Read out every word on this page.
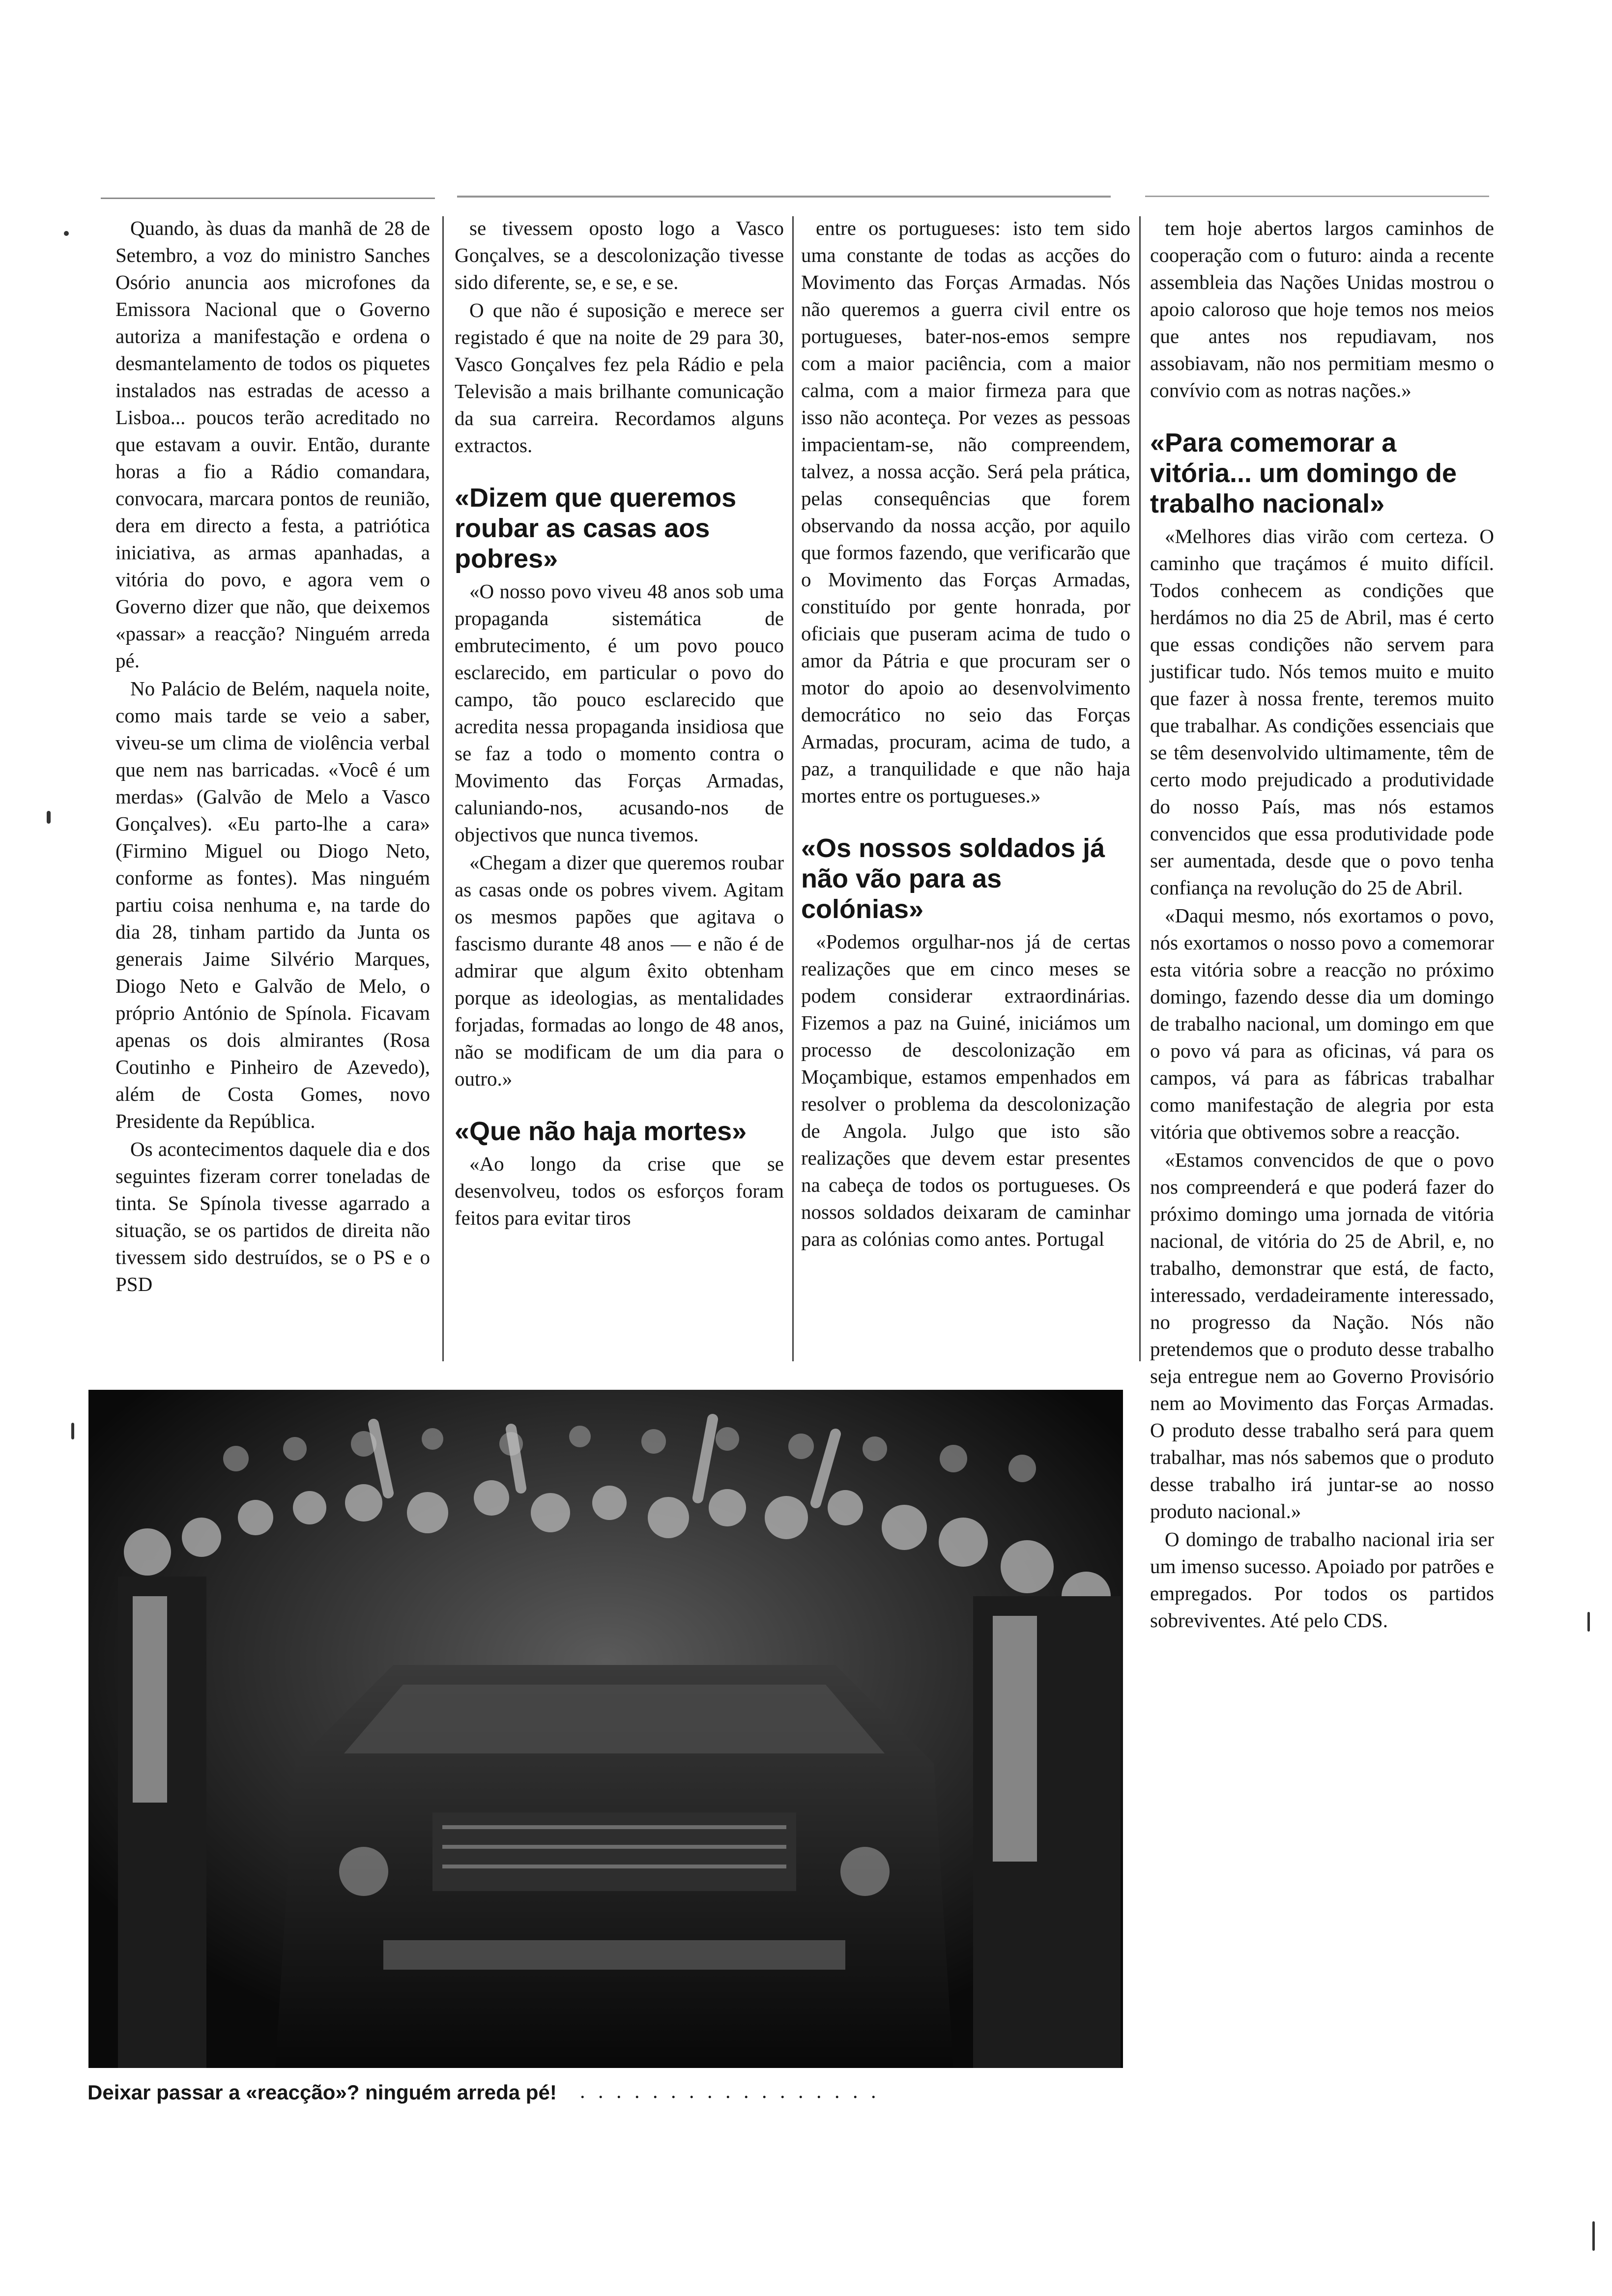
Quando, às duas da manhã de 28 de Setembro, a voz do ministro Sanches Osório anuncia aos microfones da Emissora Nacional que o Governo autoriza a manifestação e ordena o desmantelamento de todos os piquetes instalados nas estradas de acesso a Lisboa... poucos terão acreditado no que estavam a ouvir. Então, durante horas a fio a Rádio comandara, convocara, marcara pontos de reunião, dera em directo a festa, a patriótica iniciativa, as armas apanhadas, a vitória do povo, e agora vem o Governo dizer que não, que deixemos «passar» a reacção? Ninguém arreda pé.

No Palácio de Belém, naquela noite, como mais tarde se veio a saber, viveu-se um clima de violência verbal que nem nas barricadas. «Você é um merdas» (Galvão de Melo a Vasco Gonçalves). «Eu parto-lhe a cara» (Firmino Miguel ou Diogo Neto, conforme as fontes). Mas ninguém partiu coisa nenhuma e, na tarde do dia 28, tinham partido da Junta os generais Jaime Silvério Marques, Diogo Neto e Galvão de Melo, o próprio António de Spínola. Ficavam apenas os dois almirantes (Rosa Coutinho e Pinheiro de Azevedo), além de Costa Gomes, novo Presidente da República.

Os acontecimentos daquele dia e dos seguintes fizeram correr toneladas de tinta. Se Spínola tivesse agarrado a situação, se os partidos de direita não tivessem sido destruídos, se o PS e o PSD

se tivessem oposto logo a Vasco Gonçalves, se a descolonização tivesse sido diferente, se, e se, e se.

O que não é suposição e merece ser registado é que na noite de 29 para 30, Vasco Gonçalves fez pela Rádio e pela Televisão a mais brilhante comunicação da sua carreira. Recordamos alguns extractos.

«Dizem que queremos roubar as casas aos pobres»

«O nosso povo viveu 48 anos sob uma propaganda sistemática de embrutecimento, é um povo pouco esclarecido, em particular o povo do campo, tão pouco esclarecido que acredita nessa propaganda insidiosa que se faz a todo o momento contra o Movimento das Forças Armadas, caluniando-nos, acusando-nos de objectivos que nunca tivemos.

«Chegam a dizer que queremos roubar as casas onde os pobres vivem. Agitam os mesmos papões que agitava o fascismo durante 48 anos — e não é de admirar que algum êxito obtenham porque as ideologias, as mentalidades forjadas, formadas ao longo de 48 anos, não se modificam de um dia para o outro.»

«Que não haja mortes»

«Ao longo da crise que se desenvolveu, todos os esforços foram feitos para evitar tiros

entre os portugueses: isto tem sido uma constante de todas as acções do Movimento das Forças Armadas. Nós não queremos a guerra civil entre os portugueses, bater-nos-emos sempre com a maior paciência, com a maior calma, com a maior firmeza para que isso não aconteça. Por vezes as pessoas impacientam-se, não compreendem, talvez, a nossa acção. Será pela prática, pelas consequências que forem observando da nossa acção, por aquilo que formos fazendo, que verificarão que o Movimento das Forças Armadas, constituído por gente honrada, por oficiais que puseram acima de tudo o amor da Pátria e que procuram ser o motor do apoio ao desenvolvimento democrático no seio das Forças Armadas, procuram, acima de tudo, a paz, a tranquilidade e que não haja mortes entre os portugueses.»

«Os nossos soldados já não vão para as colónias»

«Podemos orgulhar-nos já de certas realizações que em cinco meses se podem considerar extraordinárias. Fizemos a paz na Guiné, iniciámos um processo de descolonização em Moçambique, estamos empenhados em resolver o problema da descolonização de Angola. Julgo que isto são realizações que devem estar presentes na cabeça de todos os portugueses. Os nossos soldados deixaram de caminhar para as colónias como antes. Portugal

tem hoje abertos largos caminhos de cooperação com o futuro: ainda a recente assembleia das Nações Unidas mostrou o apoio caloroso que hoje temos nos meios que antes nos repudiavam, nos assobiavam, não nos permitiam mesmo o convívio com as notras nações.»

«Para comemorar a vitória... um domingo de trabalho nacional»

«Melhores dias virão com certeza. O caminho que traçámos é muito difícil. Todos conhecem as condições que herdámos no dia 25 de Abril, mas é certo que essas condições não servem para justificar tudo. Nós temos muito e muito que fazer à nossa frente, teremos muito que trabalhar. As condições essenciais que se têm desenvolvido ultimamente, têm de certo modo prejudicado a produtividade do nosso País, mas nós estamos convencidos que essa produtividade pode ser aumentada, desde que o povo tenha confiança na revolução do 25 de Abril.

«Daqui mesmo, nós exortamos o povo, nós exortamos o nosso povo a comemorar esta vitória sobre a reacção no próximo domingo, fazendo desse dia um domingo de trabalho nacional, um domingo em que o povo vá para as oficinas, vá para os campos, vá para as fábricas trabalhar como manifestação de alegria por esta vitória que obtivemos sobre a reacção.

«Estamos convencidos de que o povo nos compreenderá e que poderá fazer do próximo domingo uma jornada de vitória nacional, de vitória do 25 de Abril, e, no trabalho, demonstrar que está, de facto, interessado, verdadeiramente interessado, no progresso da Nação. Nós não pretendemos que o produto desse trabalho seja entregue nem ao Governo Provisório nem ao Movimento das Forças Armadas. O produto desse trabalho será para quem trabalhar, mas nós sabemos que o produto desse trabalho irá juntar-se ao nosso produto nacional.»

O domingo de trabalho nacional iria ser um imenso sucesso. Apoiado por patrões e empregados. Por todos os partidos sobreviventes. Até pelo CDS.

Deixar passar a «reacção»? ninguém arreda pé!	. . . . . . . . . . . . . . . . .
